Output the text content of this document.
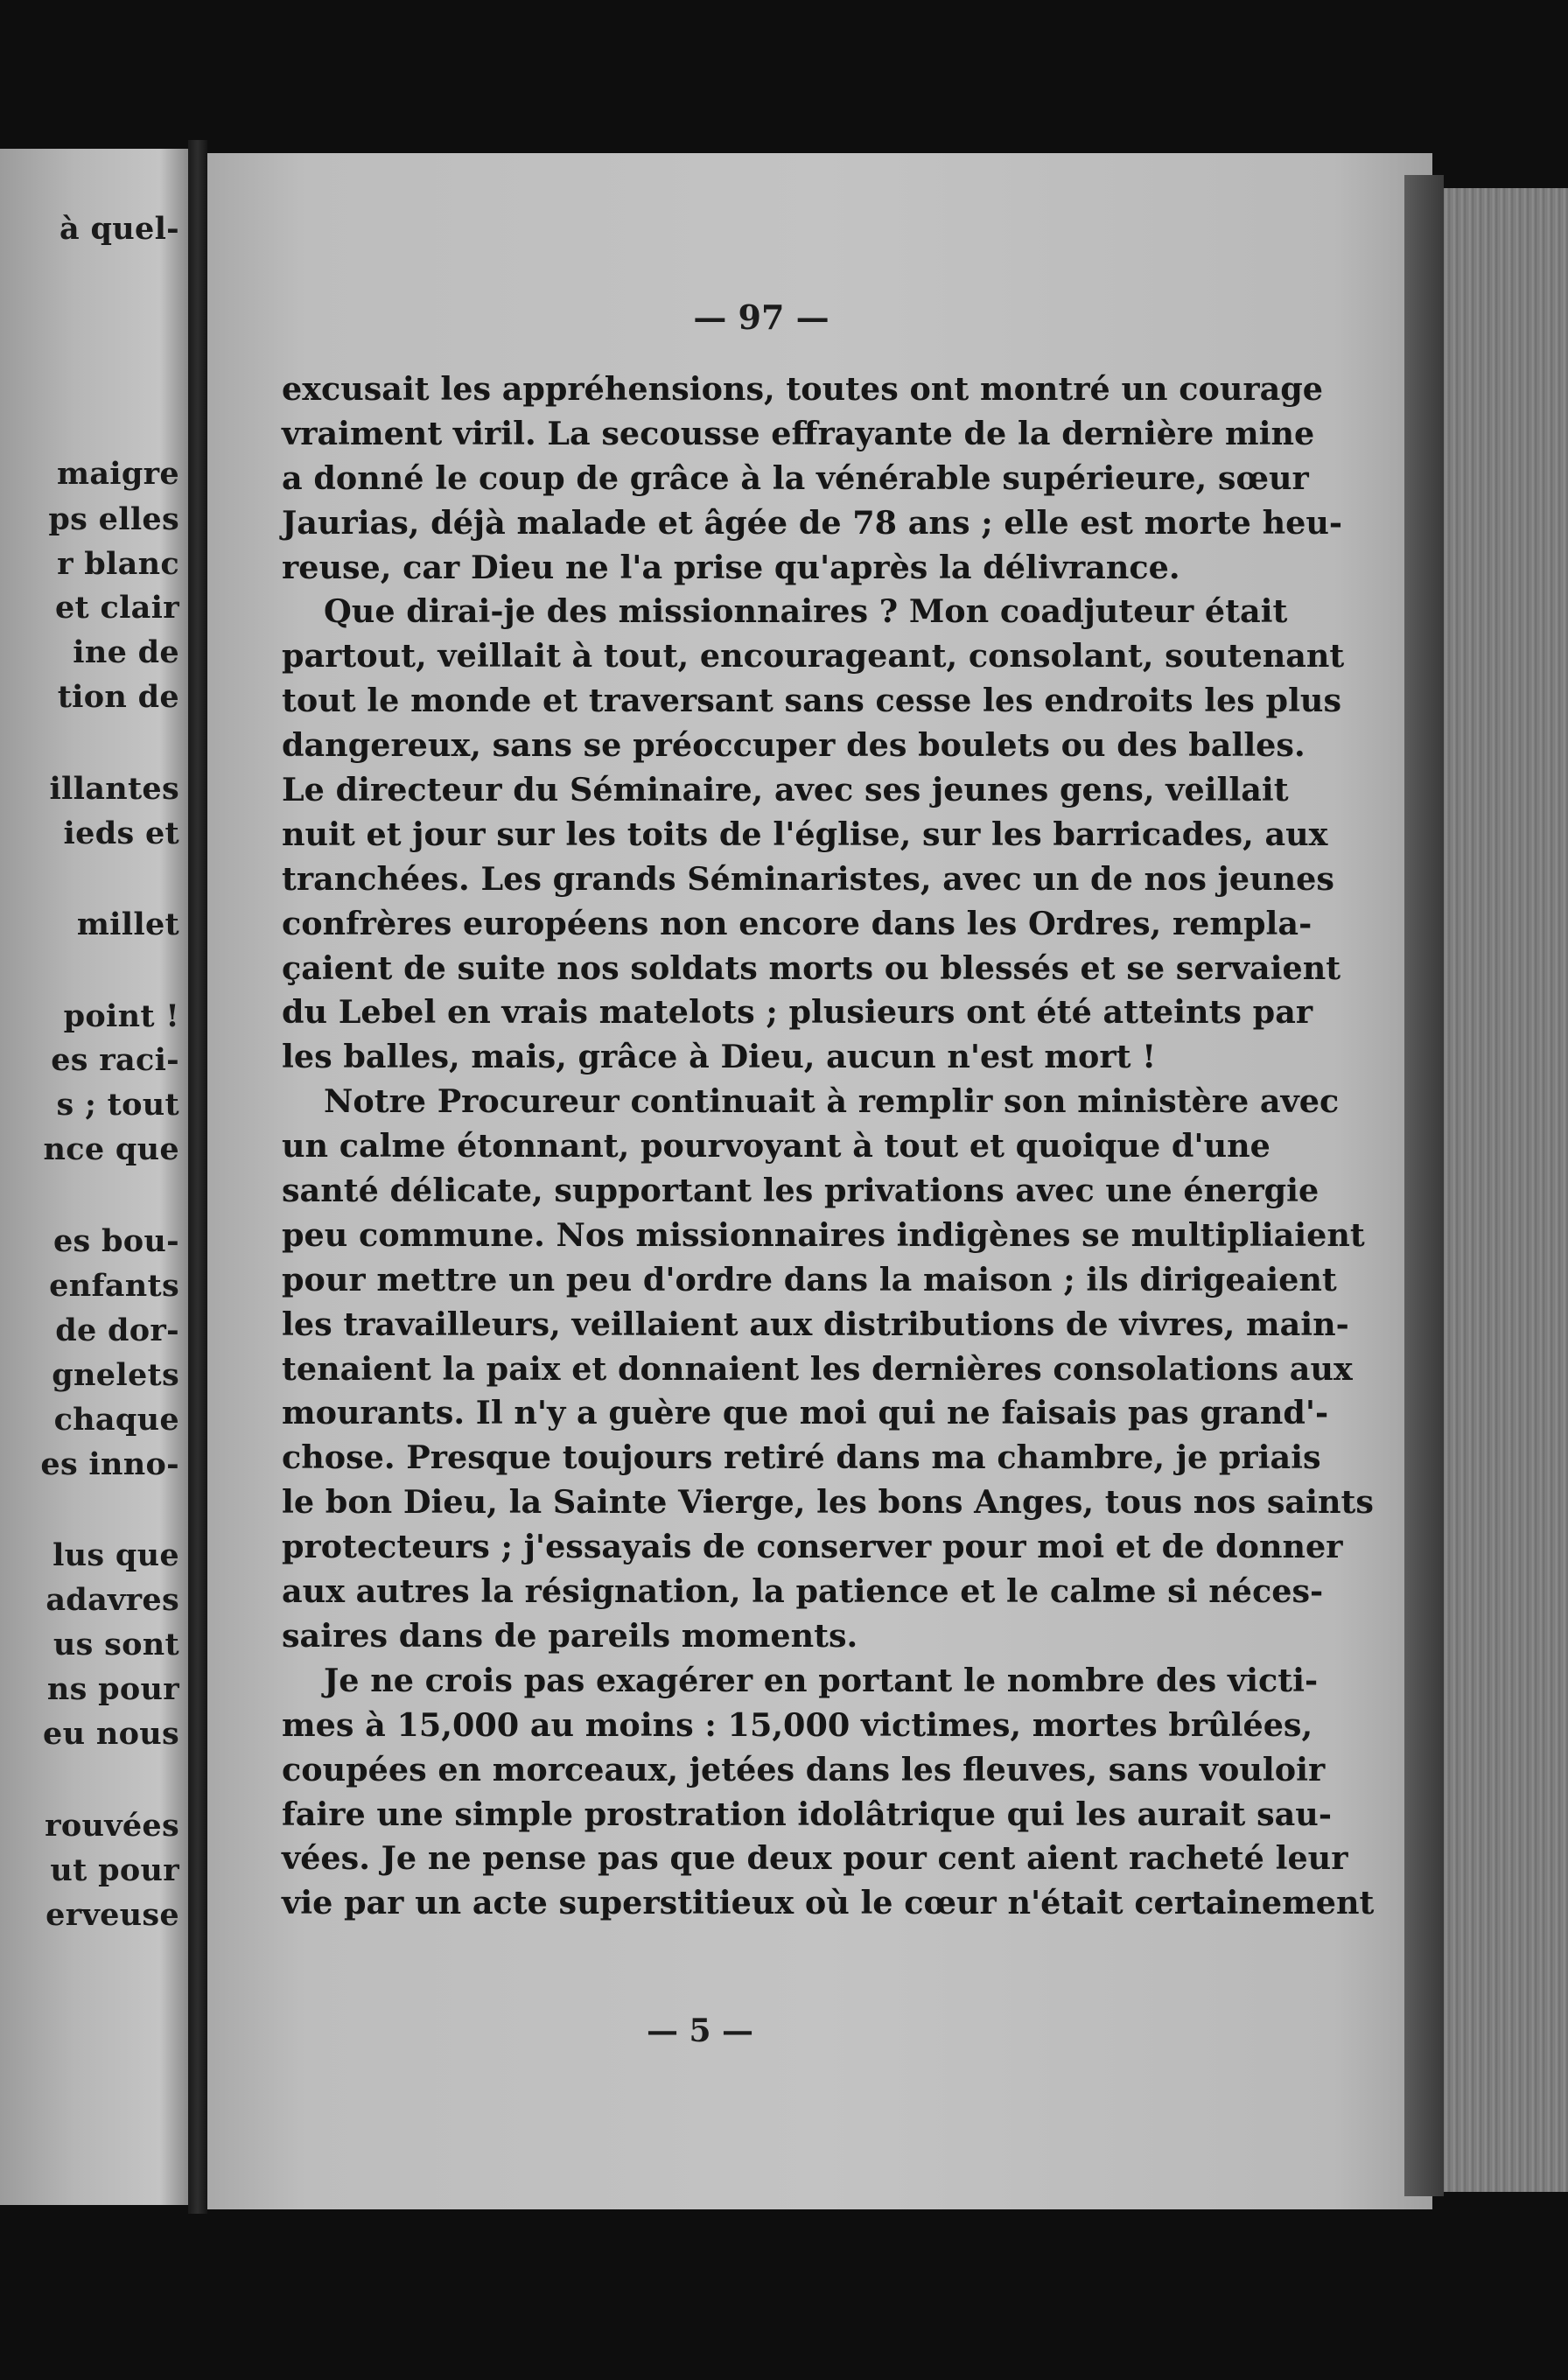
à quel-
maigre
ps elles
r blanc
et clair
ine de
tion de
illantes
ieds et
millet
point !
es raci-
s ; tout
nce que
es bou-
enfants
de dor-
gnelets
chaque
es inno-
lus que
adavres
us sont
ns pour
eu nous
rouvées
ut pour
erveuse
— 97 —
excusait les appréhensions, toutes ont montré un courage
vraiment viril. La secousse effrayante de la dernière mine
a donné le coup de grâce à la vénérable supérieure, sœur
Jaurias, déjà malade et âgée de 78 ans ; elle est morte heu-
reuse, car Dieu ne l'a prise qu'après la délivrance.
Que dirai-je des missionnaires ? Mon coadjuteur était
partout, veillait à tout, encourageant, consolant, soutenant
tout le monde et traversant sans cesse les endroits les plus
dangereux, sans se préoccuper des boulets ou des balles.
Le directeur du Séminaire, avec ses jeunes gens, veillait
nuit et jour sur les toits de l'église, sur les barricades, aux
tranchées. Les grands Séminaristes, avec un de nos jeunes
confrères européens non encore dans les Ordres, rempla-
çaient de suite nos soldats morts ou blessés et se servaient
du Lebel en vrais matelots ; plusieurs ont été atteints par
les balles, mais, grâce à Dieu, aucun n'est mort !
Notre Procureur continuait à remplir son ministère avec
un calme étonnant, pourvoyant à tout et quoique d'une
santé délicate, supportant les privations avec une énergie
peu commune. Nos missionnaires indigènes se multipliaient
pour mettre un peu d'ordre dans la maison ; ils dirigeaient
les travailleurs, veillaient aux distributions de vivres, main-
tenaient la paix et donnaient les dernières consolations aux
mourants. Il n'y a guère que moi qui ne faisais pas grand'-
chose. Presque toujours retiré dans ma chambre, je priais
le bon Dieu, la Sainte Vierge, les bons Anges, tous nos saints
protecteurs ; j'essayais de conserver pour moi et de donner
aux autres la résignation, la patience et le calme si néces-
saires dans de pareils moments.
Je ne crois pas exagérer en portant le nombre des victi-
mes à 15,000 au moins : 15,000 victimes, mortes brûlées,
coupées en morceaux, jetées dans les fleuves, sans vouloir
faire une simple prostration idolâtrique qui les aurait sau-
vées. Je ne pense pas que deux pour cent aient racheté leur
vie par un acte superstitieux où le cœur n'était certainement
— 5 —
